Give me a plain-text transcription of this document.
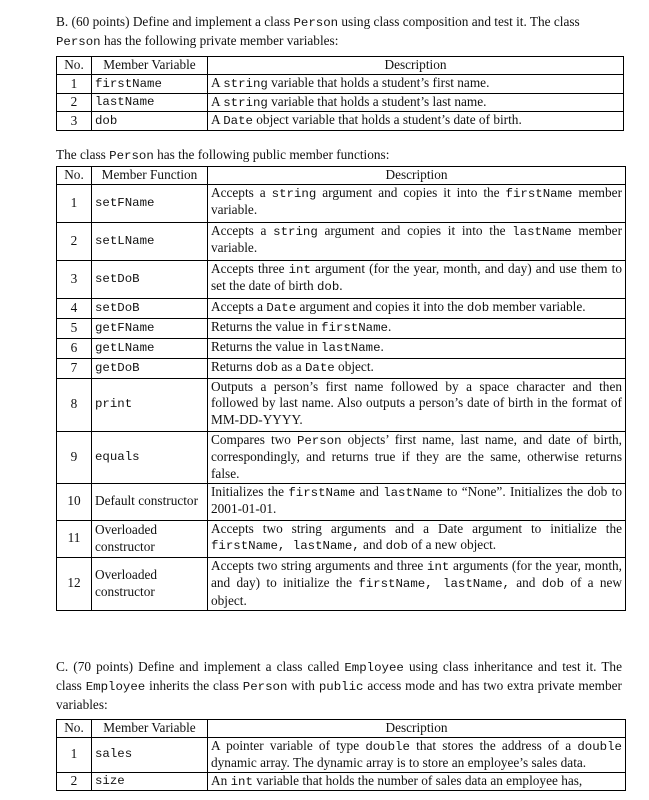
B. (60 points) Define and implement a class Person using class composition and test it. The class
Person has the following private member variables:
No.	Member Variable	Description
1	firstName	A string variable that holds a student’s first name.
2	lastName	A string variable that holds a student’s last name.
3	dob	A Date object variable that holds a student’s date of birth.
The class Person has the following public member functions:
No.	Member Function	Description
1	setFName	Accepts a string argument and copies it into the firstName member variable.
2	setLName	Accepts a string argument and copies it into the lastName member variable.
3	setDoB	Accepts three int argument (for the year, month, and day) and use them to set the date of birth dob.
4	setDoB	Accepts a Date argument and copies it into the dob member variable.
5	getFName	Returns the value in firstName.
6	getLName	Returns the value in lastName.
7	getDoB	Returns dob as a Date object.
8	print	Outputs a person’s first name followed by a space character and then followed by last name. Also outputs a person’s date of birth in the format of MM-DD-YYYY.
9	equals	Compares two Person objects’ first name, last name, and date of birth, correspondingly, and returns true if they are the same, otherwise returns false.
10	Default constructor	Initializes the firstName and lastName to “None”. Initializes the dob to 2001-01-01.
11	Overloaded constructor	Accepts two string arguments and a Date argument to initialize the firstName, lastName, and dob of a new object.
12	Overloaded constructor	Accepts two string arguments and three int arguments (for the year, month, and day) to initialize the firstName, lastName, and dob of a new object.
C. (70 points) Define and implement a class called Employee using class inheritance and test it. The class Employee inherits the class Person with public access mode and has two extra private member variables:
No.	Member Variable	Description
1	sales	A pointer variable of type double that stores the address of a double dynamic array. The dynamic array is to store an employee’s sales data.
2	size	An int variable that holds the number of sales data an employee has,
